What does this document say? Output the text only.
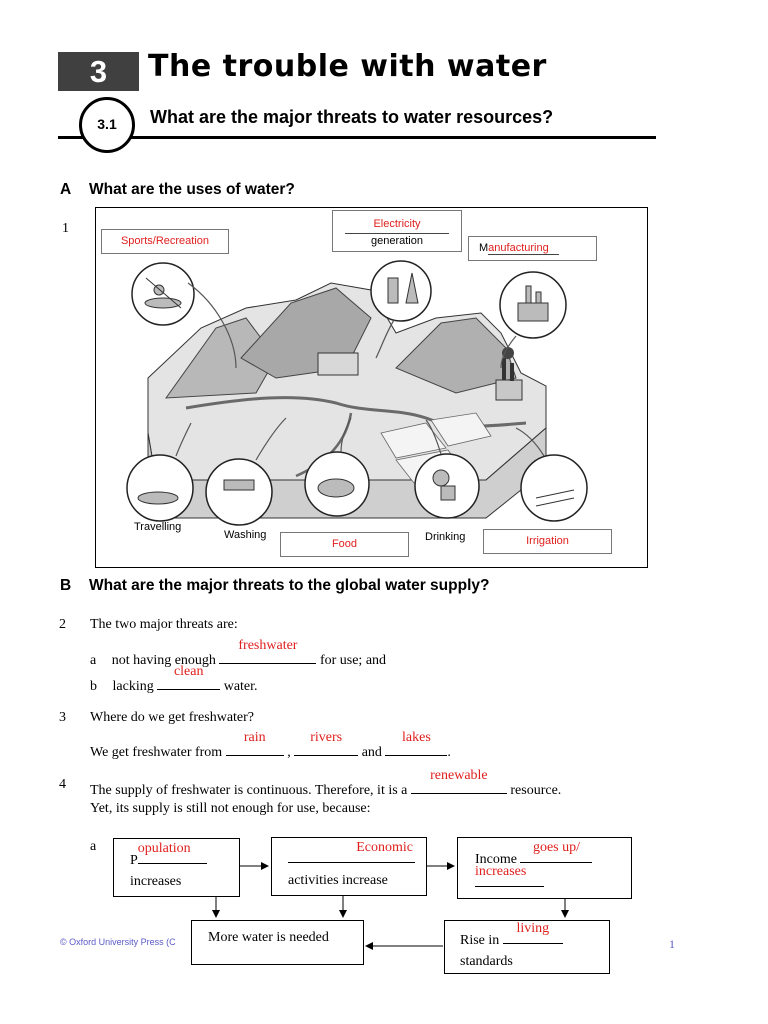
3	The trouble with water
3.1	What are the major threats to water resources?
A What are the uses of water?
1
Sports/Recreation
Electricity
generation
Manufacturing
Travelling
Washing
Food
Drinking	Irrigation
B What are the major threats to the global water supply?
2 The two major threats are:
a not having enough
freshwater
for use; and
b lacking
clean
water.
3 Where do we get freshwater?
We get freshwater from
rain
,
rivers
and
lakes
.
4 The supply of freshwater is continuous. Therefore, it is a
renewable
resource.
Yet, its supply is still not enough for use, because:
a
P
opulation
increases
Economic
activities increase
Income
goes up/
increases
More water is needed	Rise in
living
standards
© Oxford University Press (C	1
